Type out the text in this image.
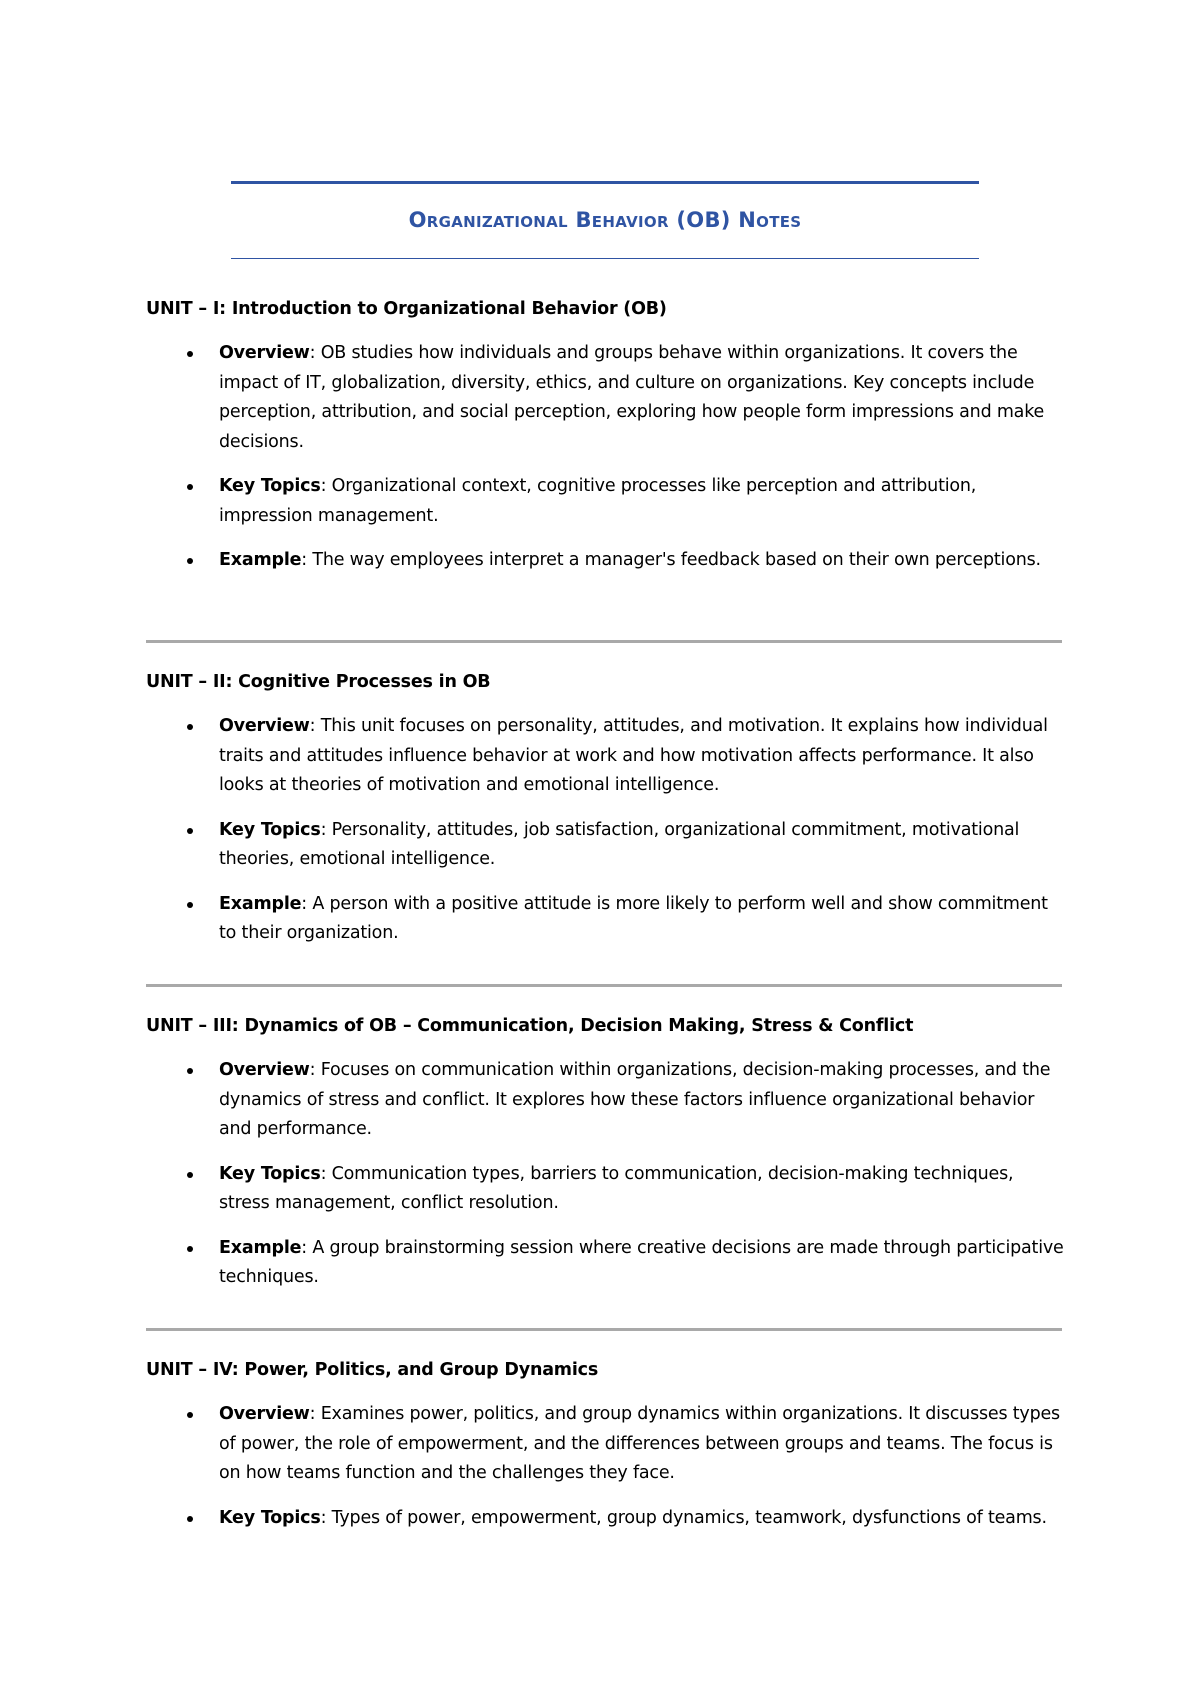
Organizational Behavior (OB) Notes
UNIT – I: Introduction to Organizational Behavior (OB)
Overview: OB studies how individuals and groups behave within organizations. It covers the impact of IT, globalization, diversity, ethics, and culture on organizations. Key concepts include perception, attribution, and social perception, exploring how people form impressions and make decisions.
Key Topics: Organizational context, cognitive processes like perception and attribution, impression management.
Example: The way employees interpret a manager's feedback based on their own perceptions.
UNIT – II: Cognitive Processes in OB
Overview: This unit focuses on personality, attitudes, and motivation. It explains how individual traits and attitudes influence behavior at work and how motivation affects performance. It also looks at theories of motivation and emotional intelligence.
Key Topics: Personality, attitudes, job satisfaction, organizational commitment, motivational theories, emotional intelligence.
Example: A person with a positive attitude is more likely to perform well and show commitment to their organization.
UNIT – III: Dynamics of OB – Communication, Decision Making, Stress & Conflict
Overview: Focuses on communication within organizations, decision-making processes, and the dynamics of stress and conflict. It explores how these factors influence organizational behavior and performance.
Key Topics: Communication types, barriers to communication, decision-making techniques, stress management, conflict resolution.
Example: A group brainstorming session where creative decisions are made through participative techniques.
UNIT – IV: Power, Politics, and Group Dynamics
Overview: Examines power, politics, and group dynamics within organizations. It discusses types of power, the role of empowerment, and the differences between groups and teams. The focus is on how teams function and the challenges they face.
Key Topics: Types of power, empowerment, group dynamics, teamwork, dysfunctions of teams.
